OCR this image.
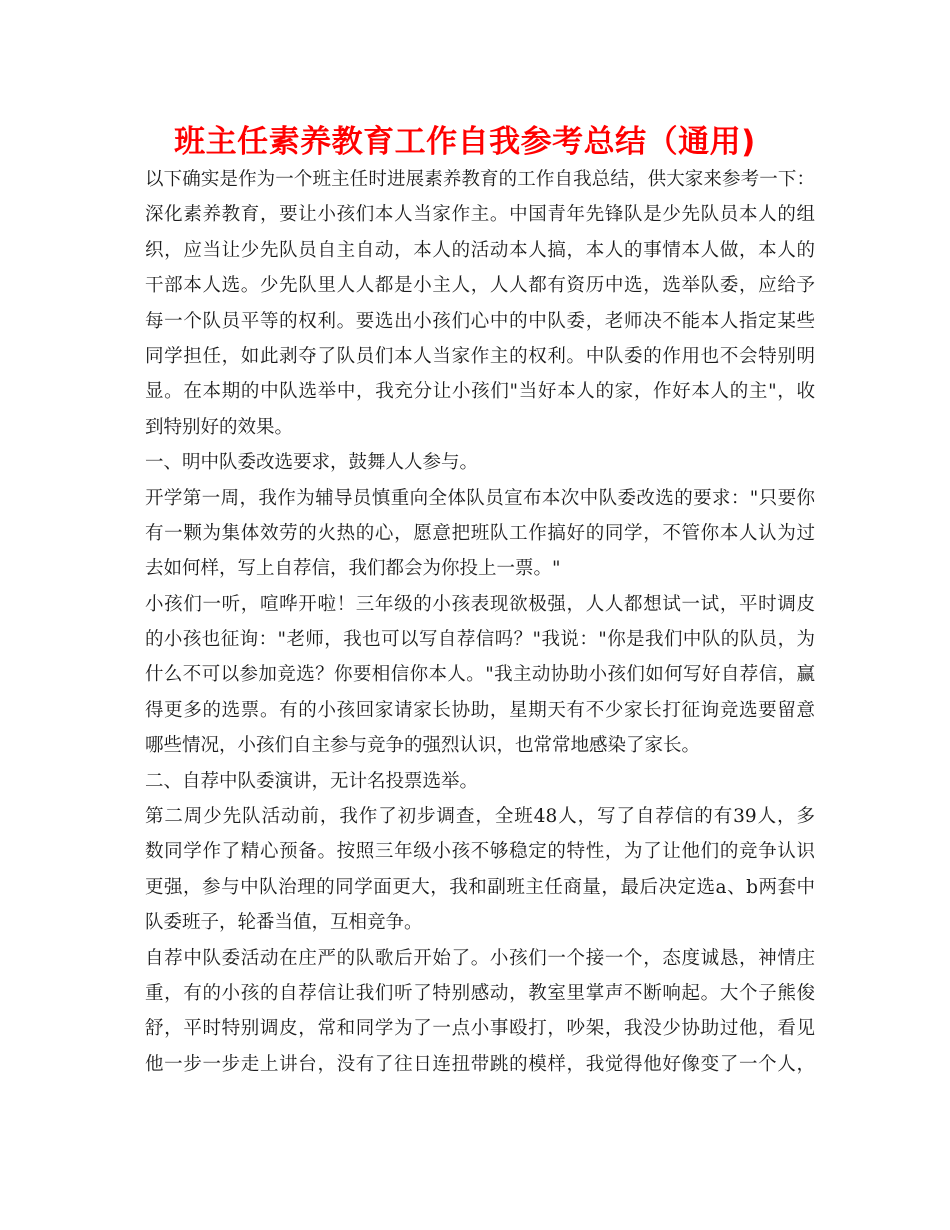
班主任素养教育工作自我参考总结（通用)
以下确实是作为一个班主任时进展素养教育的工作自我总结，供大家来参考一下：
深化素养教育，要让小孩们本人当家作主。中国青年先锋队是少先队员本人的组
织，应当让少先队员自主自动，本人的活动本人搞，本人的事情本人做，本人的
干部本人选。少先队里人人都是小主人，人人都有资历中选，选举队委，应给予
每一个队员平等的权利。要选出小孩们心中的中队委，老师决不能本人指定某些
同学担任，如此剥夺了队员们本人当家作主的权利。中队委的作用也不会特别明
显。在本期的中队选举中，我充分让小孩们"当好本人的家，作好本人的主"，收
到特别好的效果。
一、明中队委改选要求，鼓舞人人参与。
开学第一周，我作为辅导员慎重向全体队员宣布本次中队委改选的要求："只要你
有一颗为集体效劳的火热的心，愿意把班队工作搞好的同学，不管你本人认为过
去如何样，写上自荐信，我们都会为你投上一票。"
小孩们一听，喧哗开啦！三年级的小孩表现欲极强，人人都想试一试，平时调皮
的小孩也征询："老师，我也可以写自荐信吗？"我说："你是我们中队的队员，为
什么不可以参加竞选？你要相信你本人。"我主动协助小孩们如何写好自荐信，赢
得更多的选票。有的小孩回家请家长协助，星期天有不少家长打征询竞选要留意
哪些情况，小孩们自主参与竞争的强烈认识，也常常地感染了家长。
二、自荐中队委演讲，无计名投票选举。
第二周少先队活动前，我作了初步调查，全班48人，写了自荐信的有39人，多
数同学作了精心预备。按照三年级小孩不够稳定的特性，为了让他们的竞争认识
更强，参与中队治理的同学面更大，我和副班主任商量，最后决定选a、b两套中
队委班子，轮番当值，互相竞争。
自荐中队委活动在庄严的队歌后开始了。小孩们一个接一个，态度诚恳，神情庄
重，有的小孩的自荐信让我们听了特别感动，教室里掌声不断响起。大个子熊俊
舒，平时特别调皮，常和同学为了一点小事殴打，吵架，我没少协助过他，看见
他一步一步走上讲台，没有了往日连扭带跳的模样，我觉得他好像变了一个人，
